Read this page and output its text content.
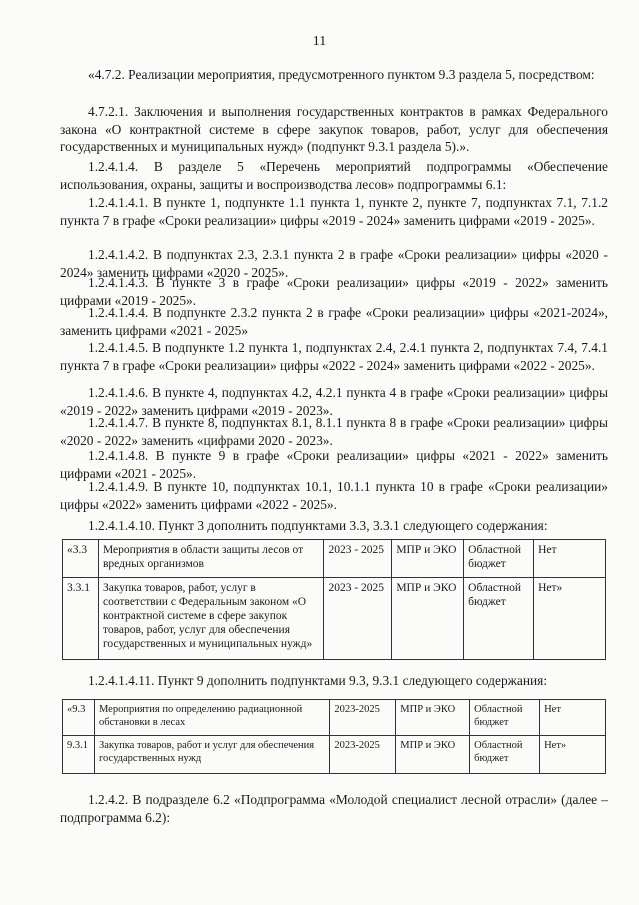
11
«4.7.2. Реализации мероприятия, предусмотренного пунктом 9.3 раздела 5, посредством:
4.7.2.1. Заключения и выполнения государственных контрактов в рамках Федерального закона «О контрактной системе в сфере закупок товаров, работ, услуг для обеспечения государственных и муниципальных нужд» (подпункт 9.3.1 раздела 5).».
1.2.4.1.4. В разделе 5 «Перечень мероприятий подпрограммы «Обеспечение использования, охраны, защиты и воспроизводства лесов» подпрограммы 6.1:
1.2.4.1.4.1. В пункте 1, подпункте 1.1 пункта 1, пункте 2, пункте 7, подпунктах 7.1, 7.1.2 пункта 7 в графе «Сроки реализации» цифры «2019 - 2024» заменить цифрами «2019 - 2025».
1.2.4.1.4.2. В подпунктах 2.3, 2.3.1 пункта 2 в графе «Сроки реализации» цифры «2020 - 2024» заменить цифрами «2020 - 2025».
1.2.4.1.4.3. В пункте 3 в графе «Сроки реализации» цифры «2019 - 2022» заменить цифрами «2019 - 2025».
1.2.4.1.4.4. В подпункте 2.3.2 пункта 2 в графе «Сроки реализации» цифры «2021-2024», заменить цифрами «2021 - 2025»
1.2.4.1.4.5. В подпункте 1.2 пункта 1, подпунктах 2.4, 2.4.1 пункта 2, подпунктах 7.4, 7.4.1 пункта 7 в графе «Сроки реализации» цифры «2022 - 2024» заменить цифрами «2022 - 2025».
1.2.4.1.4.6. В пункте 4, подпунктах 4.2, 4.2.1 пункта 4 в графе «Сроки реализации» цифры «2019 - 2022» заменить цифрами «2019 - 2023».
1.2.4.1.4.7. В пункте 8, подпунктах 8.1, 8.1.1 пункта 8 в графе «Сроки реализации» цифры «2020 - 2022» заменить «цифрами 2020 - 2023».
1.2.4.1.4.8. В пункте 9 в графе «Сроки реализации» цифры «2021 - 2022» заменить цифрами «2021 - 2025».
1.2.4.1.4.9. В пункте 10, подпунктах 10.1, 10.1.1 пункта 10 в графе «Сроки реализации» цифры «2022» заменить цифрами «2022 - 2025».
1.2.4.1.4.10. Пункт 3 дополнить подпунктами 3.3, 3.3.1 следующего содержания:
«3.3	Мероприятия в области защиты лесов от вредных организмов	2023 - 2025	МПР и ЭКО	Областной бюджет	Нет
3.3.1	Закупка товаров, работ, услуг в соответствии с Федеральным законом «О контрактной системе в сфере закупок товаров, работ, услуг для обеспечения государственных и муниципальных нужд»	2023 - 2025	МПР и ЭКО	Областной бюджет	Нет»
1.2.4.1.4.11. Пункт 9 дополнить подпунктами 9.3, 9.3.1 следующего содержания:
«9.3	Мероприятия по определению радиационной обстановки в лесах	2023-2025	МПР и ЭКО	Областной бюджет	Нет
9.3.1	Закупка товаров, работ и услуг для обеспечения государственных нужд	2023-2025	МПР и ЭКО	Областной бюджет	Нет»
1.2.4.2. В подразделе 6.2 «Подпрограмма «Молодой специалист лесной отрасли» (далее – подпрограмма 6.2):
